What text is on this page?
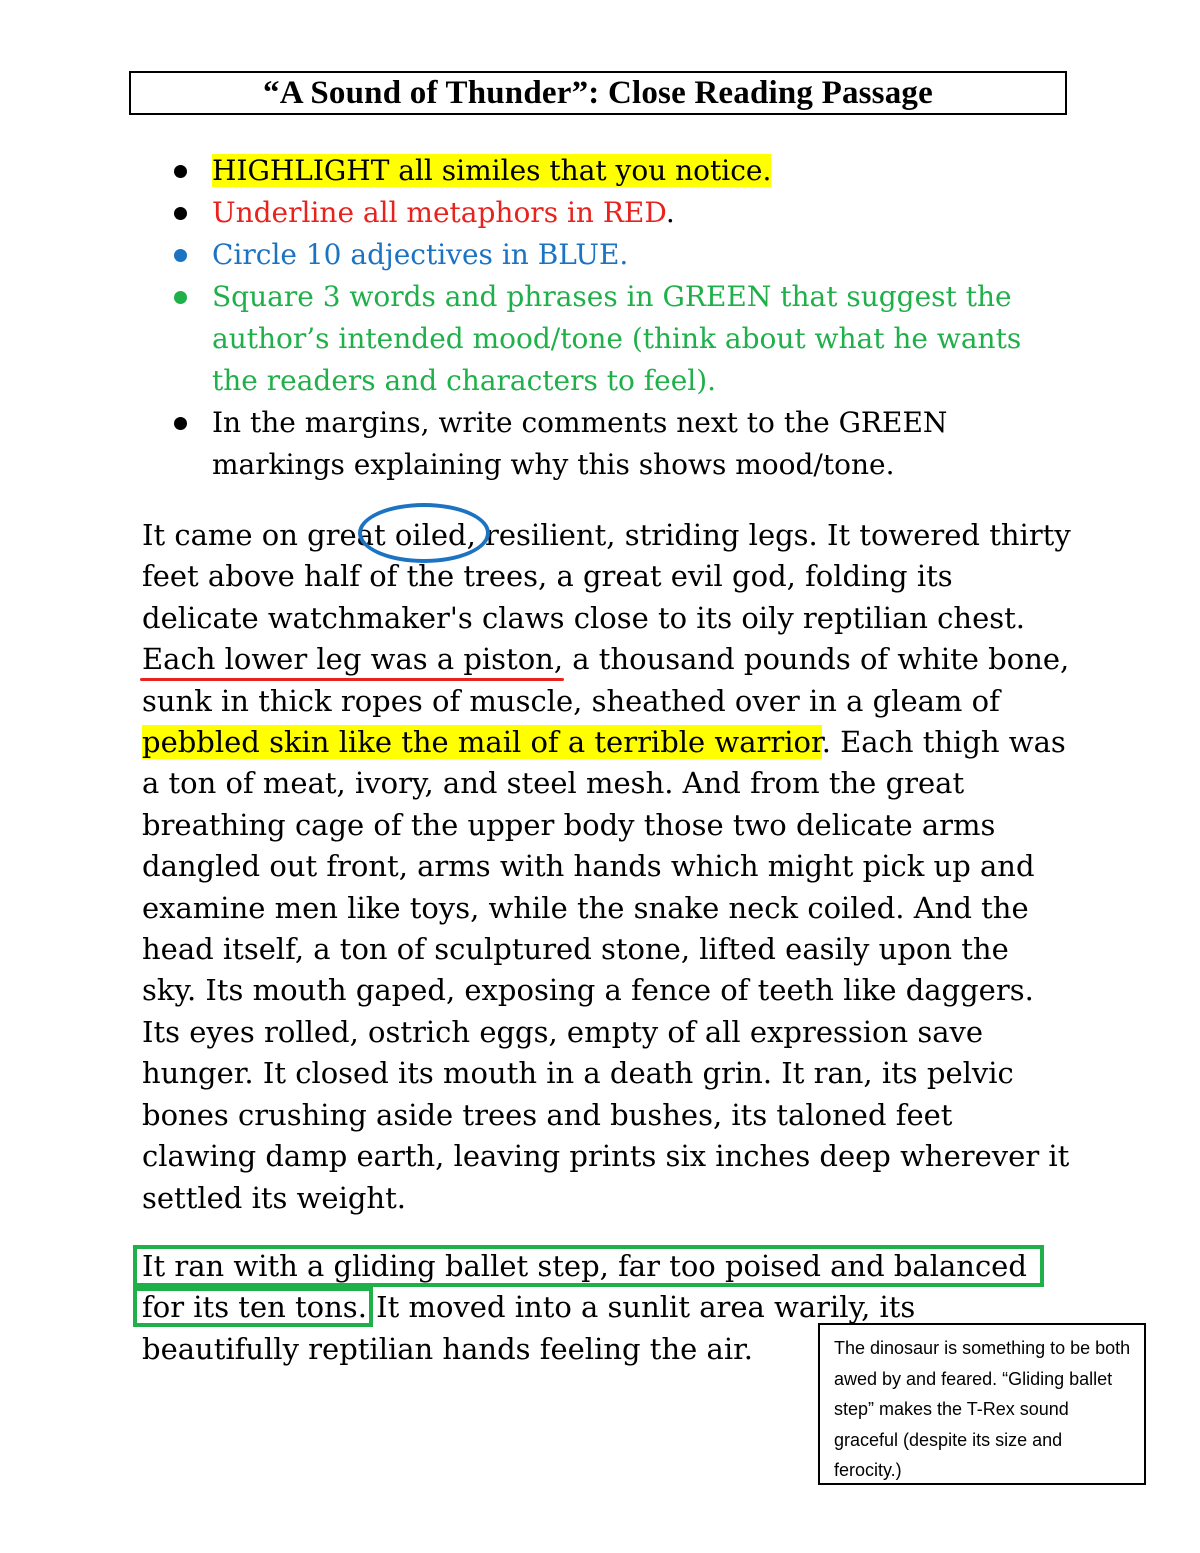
“A Sound of Thunder”: Close Reading Passage
HIGHLIGHT all similes that you notice.
Underline all metaphors in RED.
Circle 10 adjectives in BLUE.
Square 3 words and phrases in GREEN that suggest the author’s intended mood/tone (think about what he wants the readers and characters to feel).
In the margins, write comments next to the GREEN markings explaining why this shows mood/tone.

It came on great oiled, resilient, striding legs. It towered thirty feet above half of the trees, a great evil god, folding its delicate watchmaker's claws close to its oily reptilian chest. Each lower leg was a piston, a thousand pounds of white bone, sunk in thick ropes of muscle, sheathed over in a gleam of pebbled skin like the mail of a terrible warrior. Each thigh was a ton of meat, ivory, and steel mesh. And from the great breathing cage of the upper body those two delicate arms dangled out front, arms with hands which might pick up and examine men like toys, while the snake neck coiled. And the head itself, a ton of sculptured stone, lifted easily upon the sky. Its mouth gaped, exposing a fence of teeth like daggers. Its eyes rolled, ostrich eggs, empty of all expression save hunger. It closed its mouth in a death grin. It ran, its pelvic bones crushing aside trees and bushes, its taloned feet clawing damp earth, leaving prints six inches deep wherever it settled its weight.

It ran with a gliding ballet step, far too poised and balanced for its ten tons. It moved into a sunlit area warily, its beautifully reptilian hands feeling the air.	The dinosaur is something to be both awed by and feared. “Gliding ballet step” makes the T-Rex sound graceful (despite its size and ferocity.)
